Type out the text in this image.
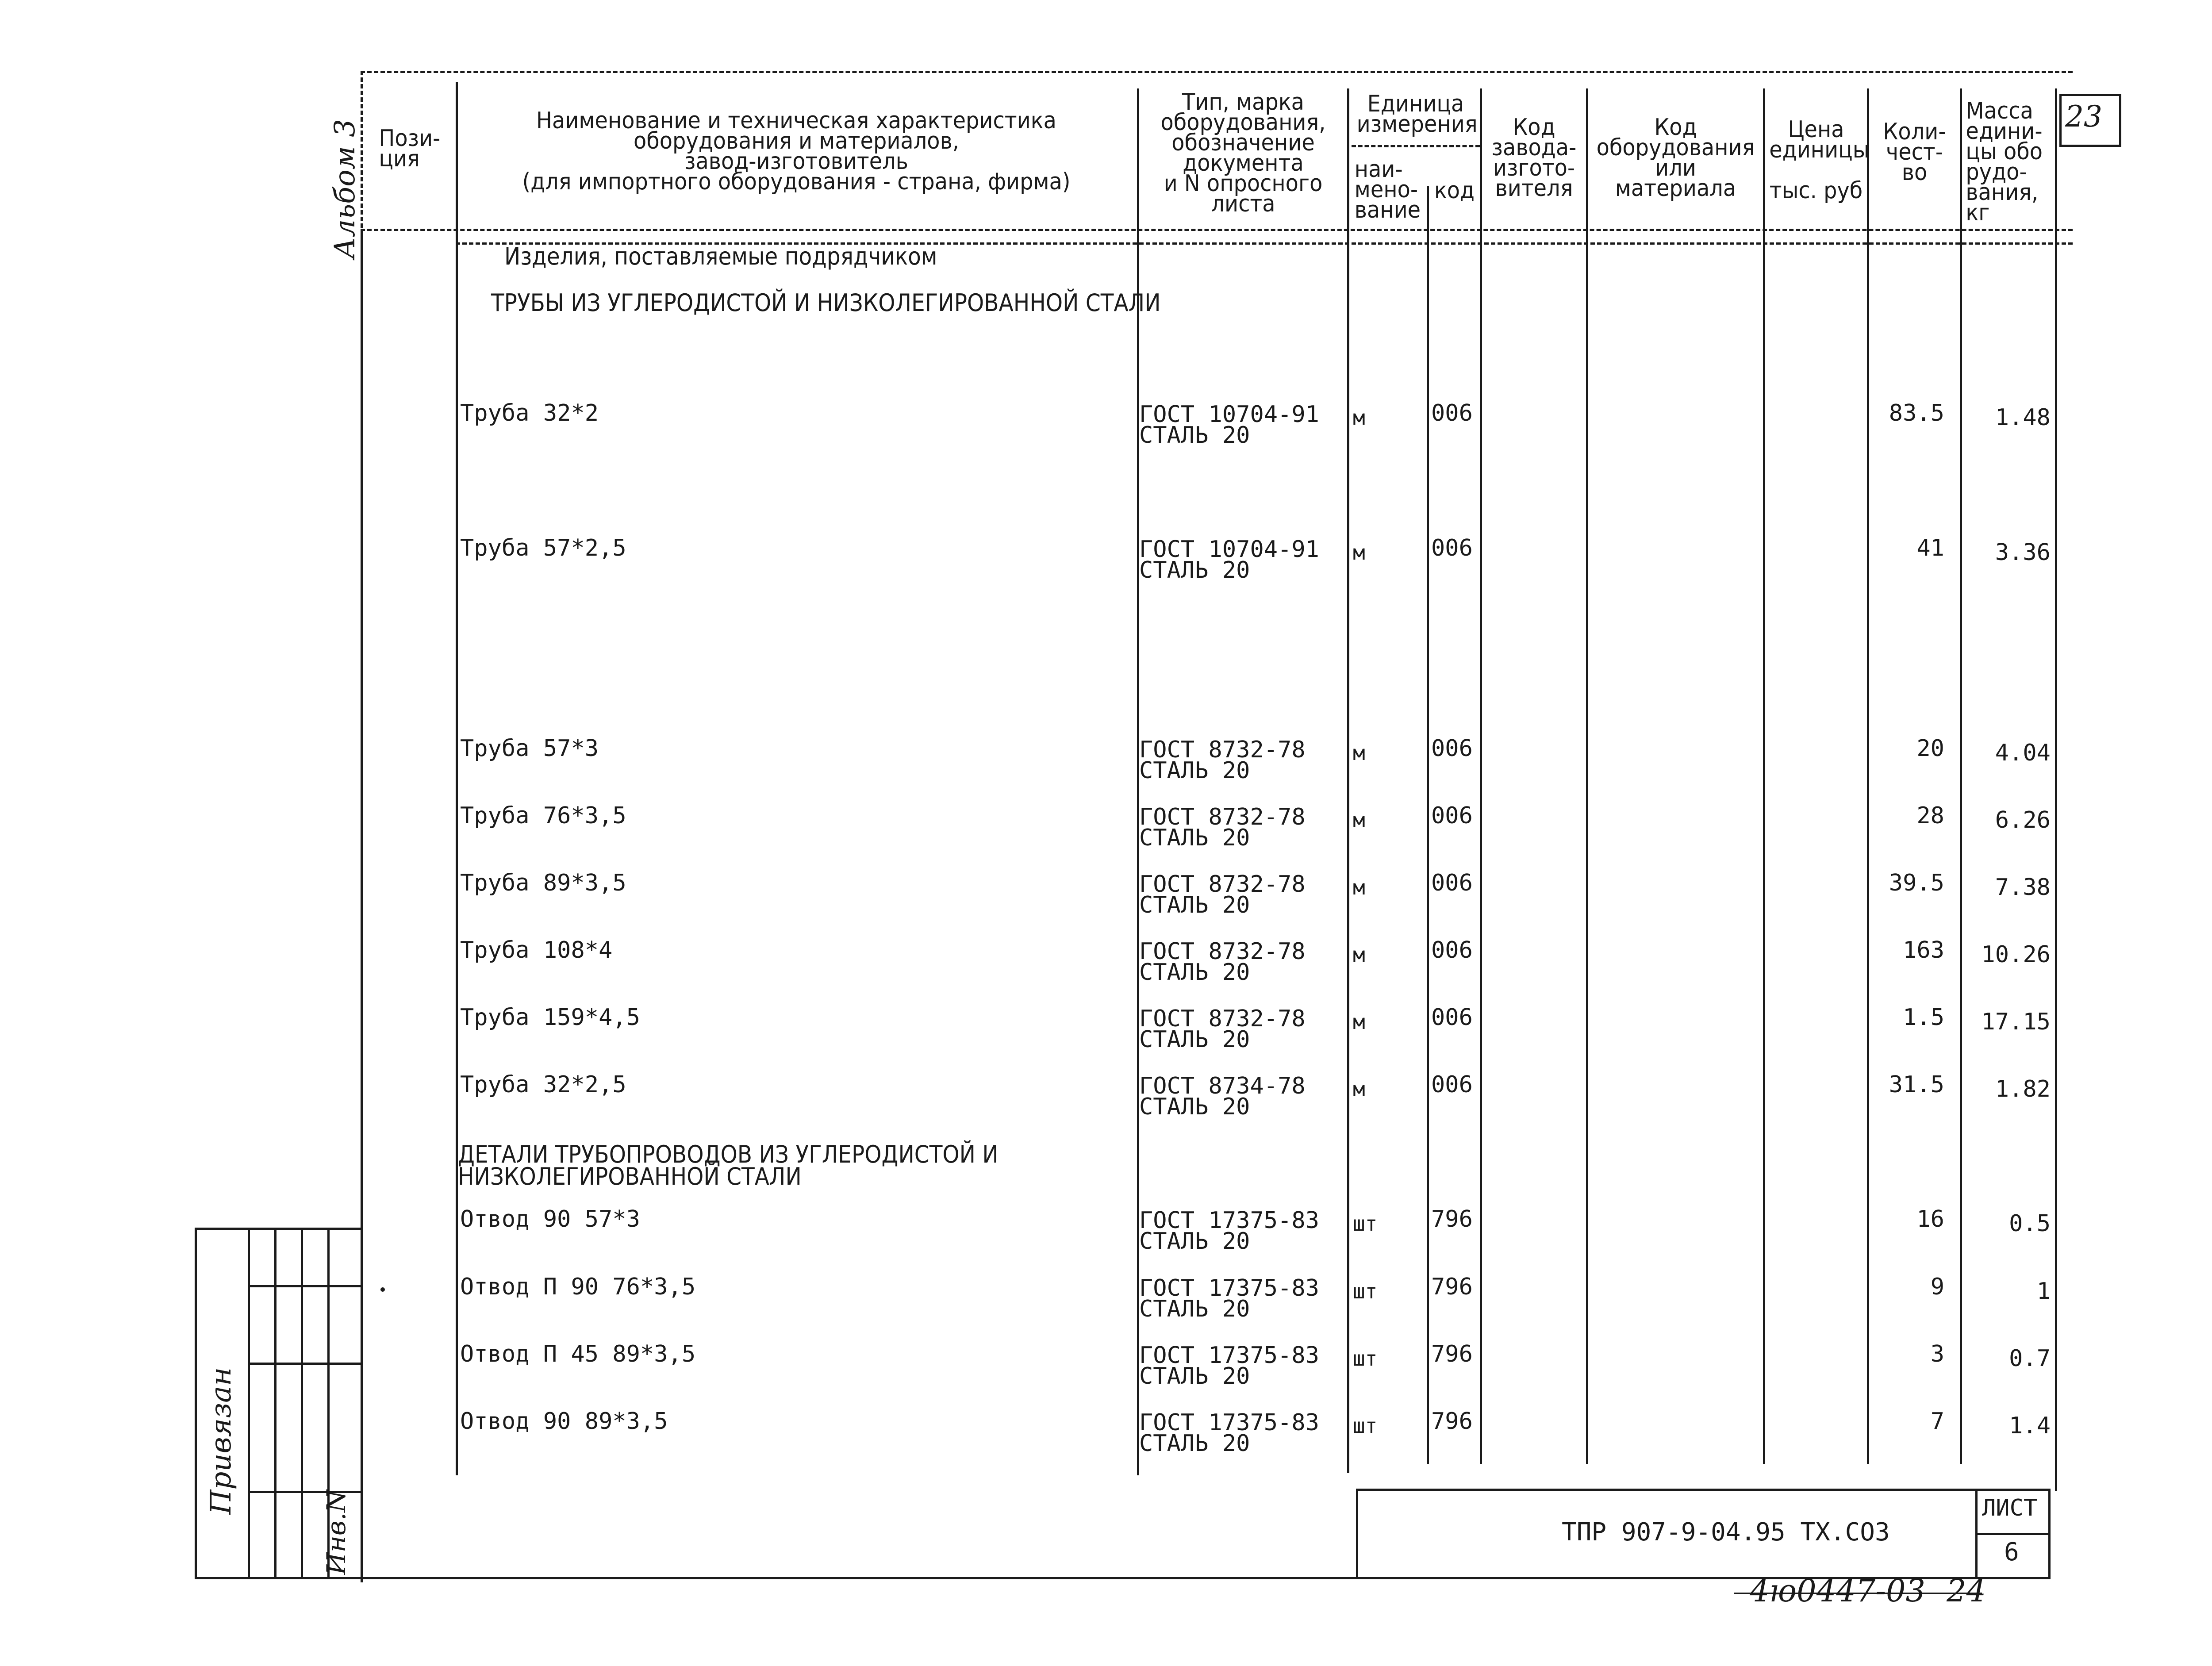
23
Альбом 3 Пози-
ция
Наименование и техническая характеристика
оборудования и материалов,
завод-изготовитель
(для импортного оборудования - страна, фирма)
Тип, марка
оборудования,
обозначение
документа
и N опросного
листа
Единица
измерения
наи-
мено-
вание
код
Код
завода-
изгото-
вителя
Код
оборудования
или
материала
Цена
единицы

тыс. руб
Коли-
чест-
во
Масса
едини-
цы обо
рудо-
вания,
кг
Изделия, поставляемые подрядчиком
ТРУБЫ ИЗ УГЛЕРОДИСТОЙ И НИЗКОЛЕГИРОВАННОЙ СТАЛИ
ДЕТАЛИ ТРУБОПРОВОДОВ ИЗ УГЛЕРОДИСТОЙ И
НИЗКОЛЕГИРОВАННОЙ СТАЛИ
Труба 32*2	ГОСТ 10704-91
СТАЛЬ 20
м	006	83.5	1.48
Труба 57*2,5	ГОСТ 10704-91
СТАЛЬ 20
м	006	41	3.36
Труба 57*3	ГОСТ 8732-78
СТАЛЬ 20
м	006	20	4.04
Труба 76*3,5	ГОСТ 8732-78
СТАЛЬ 20
м	006	28	6.26
Труба 89*3,5	ГОСТ 8732-78
СТАЛЬ 20
м	006	39.5	7.38
Труба 108*4	ГОСТ 8732-78
СТАЛЬ 20
м	006	163	10.26
Труба 159*4,5	ГОСТ 8732-78
СТАЛЬ 20
м	006	1.5	17.15
Труба 32*2,5	ГОСТ 8734-78
СТАЛЬ 20
м	006	31.5	1.82
Отвод 90 57*3	ГОСТ 17375-83
СТАЛЬ 20
шт 796	16	0.5
Отвод П 90 76*3,5	ГОСТ 17375-83
СТАЛЬ 20
шт 796	9	1
Отвод П 45 89*3,5	ГОСТ 17375-83
СТАЛЬ 20
шт 796	3	0.7
Отвод 90 89*3,5	ГОСТ 17375-83
СТАЛЬ 20
шт 796	7	1.4
ТПР 907-9-04.95 ТХ.СО3
ЛИСТ
6
Привязан
Инв.N
4ю0447-03 24
